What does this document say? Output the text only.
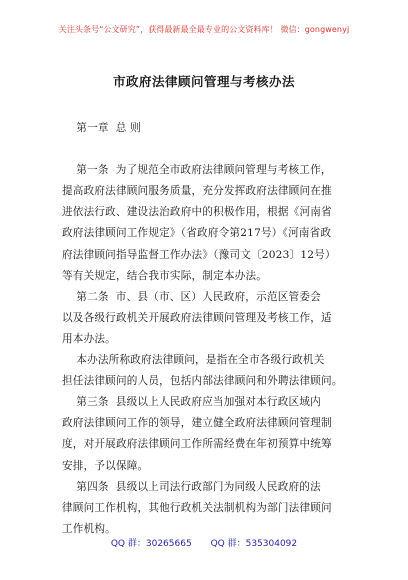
关注头条号“公文研究”，获得最新最全最专业的公文资料库！ 微信：gongwenyj
市政府法律顾问管理与考核办法
第一章  总 则
第一条  为了规范全市政府法律顾问管理与考核工作，
提高政府法律顾问服务质量，充分发挥政府法律顾问在推
进依法行政、建设法治政府中的积极作用，根据《河南省
政府法律顾问工作规定》（省政府令第217号）《河南省政
府法律顾问指导监督工作办法》（豫司文〔2023〕12号）
等有关规定，结合我市实际，制定本办法。
第二条  市、县（市、区）人民政府，示范区管委会
以及各级行政机关开展政府法律顾问管理及考核工作，适
用本办法。
本办法所称政府法律顾问，是指在全市各级行政机关
担任法律顾问的人员，包括内部法律顾问和外聘法律顾问。
第三条  县级以上人民政府应当加强对本行政区域内
政府法律顾问工作的领导，建立健全政府法律顾问管理制
度，对开展政府法律顾问工作所需经费在年初预算中统筹
安排，予以保障。
第四条  县级以上司法行政部门为同级人民政府的法
律顾问工作机构，其他行政机关法制机构为部门法律顾问
工作机构。
QQ 群：30265665 QQ 群：535304092
